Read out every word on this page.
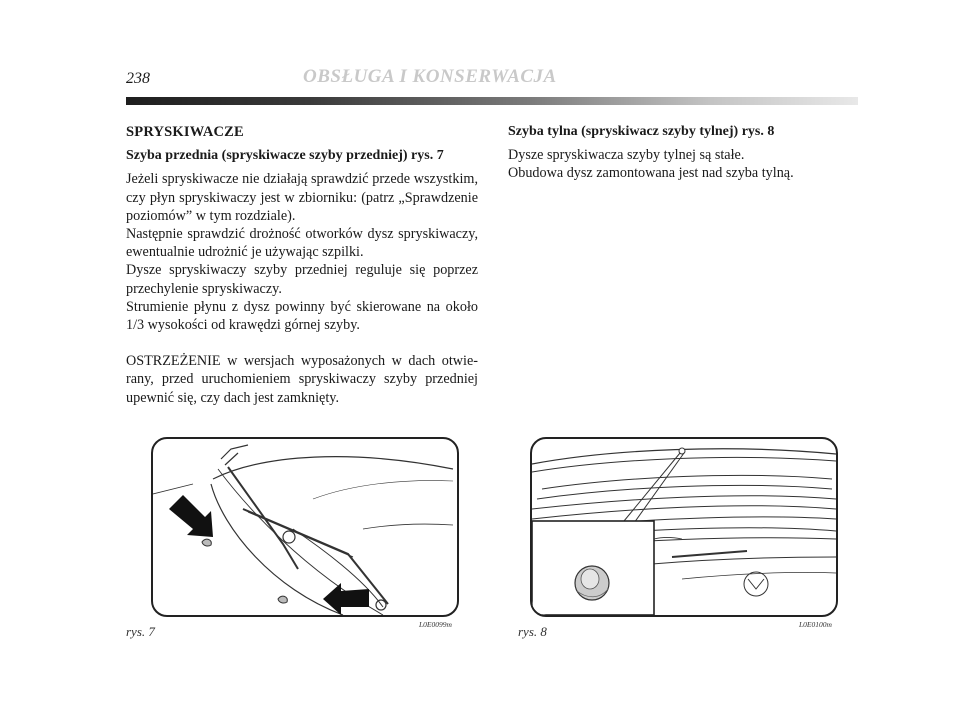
238	OBSŁUGA I KONSERWACJA

SPRYSKIWACZE

Szyba przednia (spryskiwacze szyby przedniej) rys. 7

Jeżeli spryskiwacze nie działają sprawdzić przede wszystkim, czy płyn spryskiwaczy jest w zbiorniku: (patrz „Sprawdzenie poziomów” w tym rozdziale).

Następnie sprawdzić drożność otworków dysz spryskiwaczy, ewentualnie udrożnić je używając szpilki.

Dysze spryskiwaczy szyby przedniej reguluje się poprzez przechylenie spryskiwaczy.

Strumienie płynu z dysz powinny być skierowane na około 1/3 wysokości od krawędzi górnej szyby.

OSTRZEŻENIE w wersjach wyposażonych w dach otwie-rany, przed uruchomieniem spryskiwaczy szyby przedniej upewnić się, czy dach jest zamknięty.

Szyba tylna (spryskiwacz szyby tylnej) rys. 8

Dysze spryskiwacza szyby tylnej są stałe.

Obudowa dysz zamontowana jest nad szyba tylną.

rys. 7	L0E0099m	rys. 8	L0E0100m
